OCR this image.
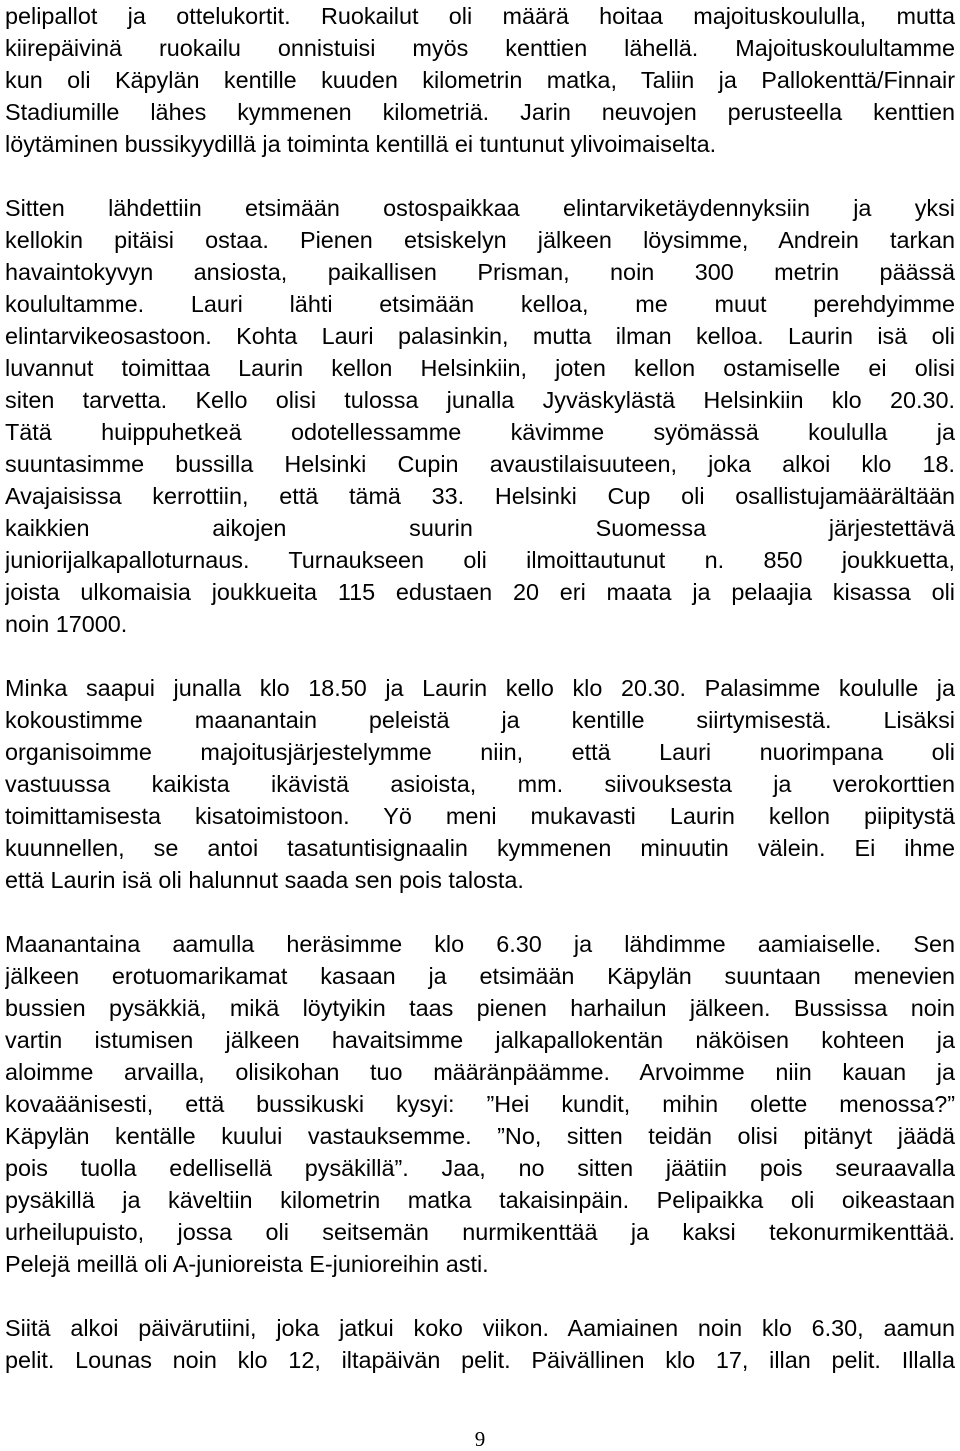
pelipallot ja ottelukortit. Ruokailut oli määrä hoitaa majoituskoululla, mutta
kiirepäivinä ruokailu onnistuisi myös kenttien lähellä. Majoituskoulultamme
kun oli Käpylän kentille kuuden kilometrin matka, Taliin ja Pallokenttä/Finnair
Stadiumille lähes kymmenen kilometriä. Jarin neuvojen perusteella kenttien
löytäminen bussikyydillä ja toiminta kentillä ei tuntunut ylivoimaiselta.
Sitten lähdettiin etsimään ostospaikkaa elintarviketäydennyksiin ja yksi
kellokin pitäisi ostaa. Pienen etsiskelyn jälkeen löysimme, Andrein tarkan
havaintokyvyn ansiosta, paikallisen Prisman, noin 300 metrin päässä
koulultamme. Lauri lähti etsimään kelloa, me muut perehdyimme
elintarvikeosastoon. Kohta Lauri palasinkin, mutta ilman kelloa. Laurin isä oli
luvannut toimittaa Laurin kellon Helsinkiin, joten kellon ostamiselle ei olisi
siten tarvetta. Kello olisi tulossa junalla Jyväskylästä Helsinkiin klo 20.30.
Tätä huippuhetkeä odotellessamme kävimme syömässä koululla ja
suuntasimme bussilla Helsinki Cupin avaustilaisuuteen, joka alkoi klo 18.
Avajaisissa kerrottiin, että tämä 33. Helsinki Cup oli osallistujamäärältään
kaikkien aikojen suurin Suomessa järjestettävä
juniorijalkapalloturnaus. Turnaukseen oli ilmoittautunut n. 850 joukkuetta,
joista ulkomaisia joukkueita 115 edustaen 20 eri maata ja pelaajia kisassa oli
noin 17000.
Minka saapui junalla klo 18.50 ja Laurin kello klo 20.30. Palasimme koululle ja
kokoustimme maanantain peleistä ja kentille siirtymisestä. Lisäksi
organisoimme majoitusjärjestelymme niin, että Lauri nuorimpana oli
vastuussa kaikista ikävistä asioista, mm. siivouksesta ja verokorttien
toimittamisesta kisatoimistoon. Yö meni mukavasti Laurin kellon piipitystä
kuunnellen, se antoi tasatuntisignaalin kymmenen minuutin välein. Ei ihme
että Laurin isä oli halunnut saada sen pois talosta.
Maanantaina aamulla heräsimme klo 6.30 ja lähdimme aamiaiselle. Sen
jälkeen erotuomarikamat kasaan ja etsimään Käpylän suuntaan menevien
bussien pysäkkiä, mikä löytyikin taas pienen harhailun jälkeen. Bussissa noin
vartin istumisen jälkeen havaitsimme jalkapallokentän näköisen kohteen ja
aloimme arvailla, olisikohan tuo määränpäämme. Arvoimme niin kauan ja
kovaäänisesti, että bussikuski kysyi: ”Hei kundit, mihin olette menossa?”
Käpylän kentälle kuului vastauksemme. ”No, sitten teidän olisi pitänyt jäädä
pois tuolla edellisellä pysäkillä”. Jaa, no sitten jäätiin pois seuraavalla
pysäkillä ja käveltiin kilometrin matka takaisinpäin. Pelipaikka oli oikeastaan
urheilupuisto, jossa oli seitsemän nurmikenttää ja kaksi tekonurmikenttää.
Pelejä meillä oli A-junioreista E-junioreihin asti.
Siitä alkoi päivärutiini, joka jatkui koko viikon. Aamiainen noin klo 6.30, aamun
pelit. Lounas noin klo 12, iltapäivän pelit. Päivällinen klo 17, illan pelit. Illalla
9
